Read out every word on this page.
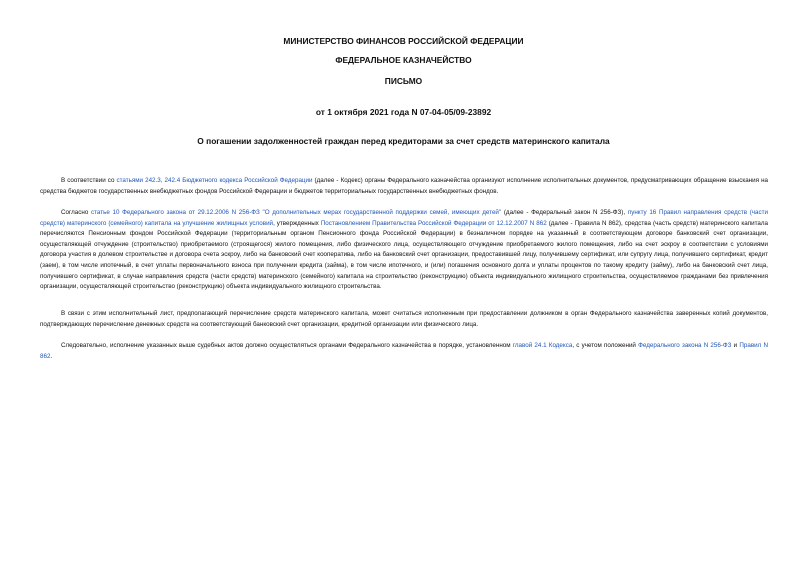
МИНИСТЕРСТВО ФИНАНСОВ РОССИЙСКОЙ ФЕДЕРАЦИИ

ФЕДЕРАЛЬНОЕ КАЗНАЧЕЙСТВО

ПИСЬМО

от 1 октября 2021 года N 07-04-05/09-23892

О погашении задолженностей граждан перед кредиторами за счет средств материнского капитала

В соответствии со статьями 242.3, 242.4 Бюджетного кодекса Российской Федерации (далее - Кодекс) органы Федерального казначейства организуют исполнение исполнительных документов, предусматривающих обращение взыскания на средства бюджетов государственных внебюджетных фондов Российской Федерации и бюджетов территориальных государственных внебюджетных фондов.

Согласно статье 10 Федерального закона от 29.12.2006 N 256-ФЗ "О дополнительных мерах государственной поддержки семей, имеющих детей" (далее - Федеральный закон N 256-ФЗ), пункту 16 Правил направления средств (части средств) материнского (семейного) капитала на улучшение жилищных условий, утвержденных Постановлением Правительства Российской Федерации от 12.12.2007 N 862 (далее - Правила N 862), средства (часть средств) материнского капитала перечисляются Пенсионным фондом Российской Федерации (территориальным органом Пенсионного фонда Российской Федерации) в безналичном порядке на указанный в соответствующем договоре банковский счет организации, осуществляющей отчуждение (строительство) приобретаемого (строящегося) жилого помещения, либо физического лица, осуществляющего отчуждение приобретаемого жилого помещения, либо на счет эскроу в соответствии с условиями договора участия в долевом строительстве и договора счета эскроу, либо на банковский счет кооператива, либо на банковский счет организации, предоставившей лицу, получившему сертификат, или супругу лица, получившего сертификат, кредит (заем), в том числе ипотечный, в счет уплаты первоначального взноса при получении кредита (займа), в том числе ипотечного, и (или) погашения основного долга и уплаты процентов по такому кредиту (займу), либо на банковский счет лица, получившего сертификат, в случае направления средств (части средств) материнского (семейного) капитала на строительство (реконструкцию) объекта индивидуального жилищного строительства, осуществляемое гражданами без привлечения организации, осуществляющей строительство (реконструкцию) объекта индивидуального жилищного строительства.

В связи с этим исполнительный лист, предполагающий перечисление средств материнского капитала, может считаться исполненным при предоставлении должником в орган Федерального казначейства заверенных копий документов, подтверждающих перечисление денежных средств на соответствующий банковский счет организации, кредитной организации или физического лица.

Следовательно, исполнение указанных выше судебных актов должно осуществляться органами Федерального казначейства в порядке, установленном главой 24.1 Кодекса, с учетом положений Федерального закона N 256-ФЗ и Правил N 862.
